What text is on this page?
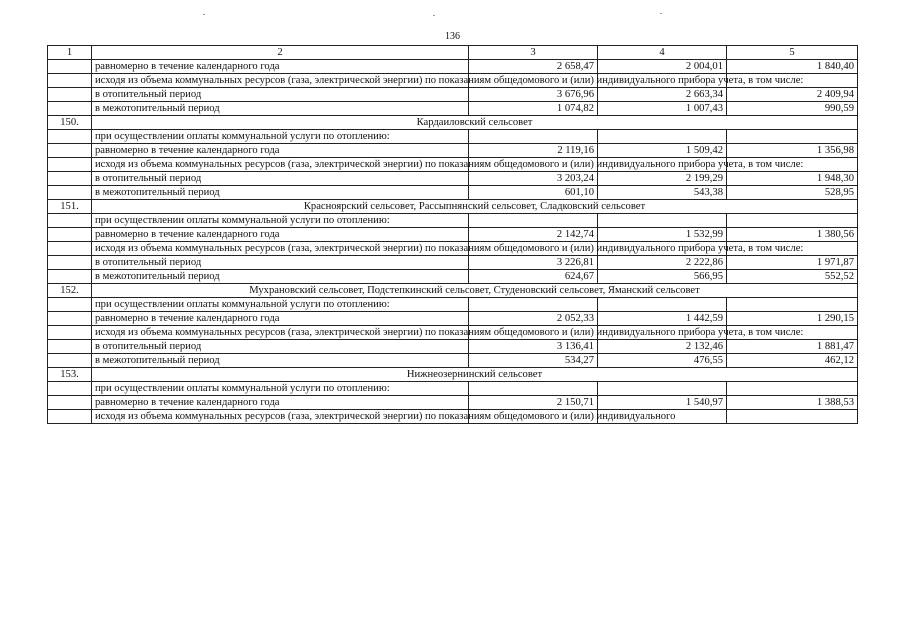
136
1	2	3	4	5
	равномерно в течение календарного года	2 658,47	2 004,01	1 840,40
	исходя из объема коммунальных ресурсов (газа, электрической энергии) по показаниям общедомового и (или) индивидуального прибора учета, в том числе:			
	в отопительный период	3 676,96	2 663,34	2 409,94
	в межотопительный период	1 074,82	1 007,43	990,59
150.	Кардаиловский сельсовет			
	при осуществлении оплаты коммунальной услуги по отоплению:			
	равномерно в течение календарного года	2 119,16	1 509,42	1 356,98
	исходя из объема коммунальных ресурсов (газа, электрической энергии) по показаниям общедомового и (или) индивидуального прибора учета, в том числе:			
	в отопительный период	3 203,24	2 199,29	1 948,30
	в межотопительный период	601,10	543,38	528,95
151.	Красноярский сельсовет, Рассыпнянский сельсовет, Сладковский сельсовет			
	при осуществлении оплаты коммунальной услуги по отоплению:			
	равномерно в течение календарного года	2 142,74	1 532,99	1 380,56
	исходя из объема коммунальных ресурсов (газа, электрической энергии) по показаниям общедомового и (или) индивидуального прибора учета, в том числе:			
	в отопительный период	3 226,81	2 222,86	1 971,87
	в межотопительный период	624,67	566,95	552,52
152.	Мухрановский сельсовет, Подстепкинский сельсовет, Студеновский сельсовет, Яманский сельсовет			
	при осуществлении оплаты коммунальной услуги по отоплению:			
	равномерно в течение календарного года	2 052,33	1 442,59	1 290,15
	исходя из объема коммунальных ресурсов (газа, электрической энергии) по показаниям общедомового и (или) индивидуального прибора учета, в том числе:			
	в отопительный период	3 136,41	2 132,46	1 881,47
	в межотопительный период	534,27	476,55	462,12
153.	Нижнеозернинский сельсовет			
	при осуществлении оплаты коммунальной услуги по отоплению:			
	равномерно в течение календарного года	2 150,71	1 540,97	1 388,53
	исходя из объема коммунальных ресурсов (газа, электрической энергии) по показаниям общедомового и (или) индивидуального			
